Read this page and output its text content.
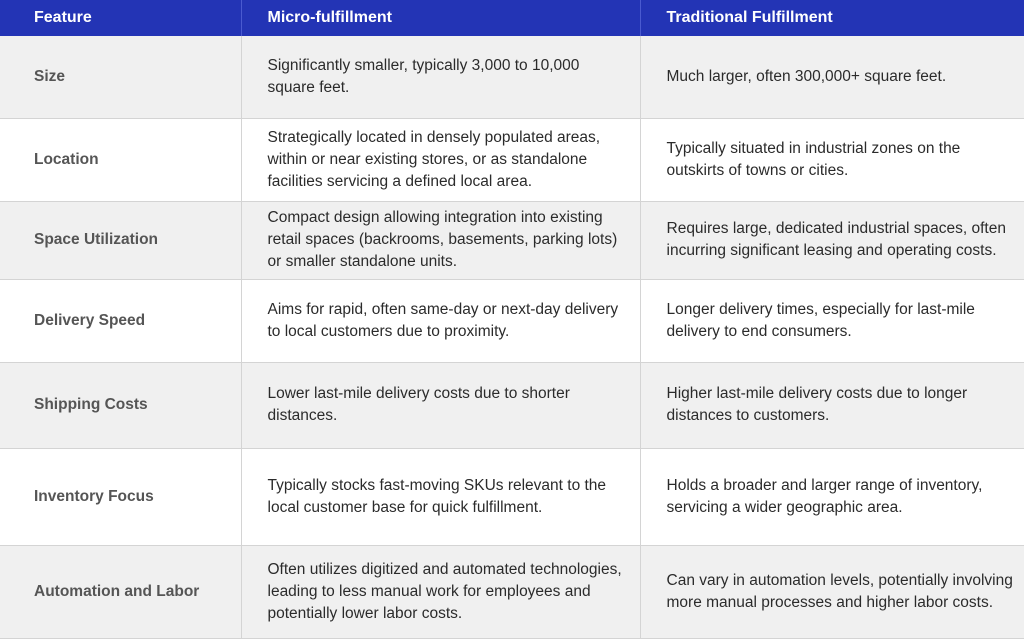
Feature	Micro-fulfillment	Traditional Fulfillment
Size	Significantly smaller, typically 3,000 to 10,000 square feet.	Much larger, often 300,000+ square feet.
Location	Strategically located in densely populated areas, within or near existing stores, or as standalone facilities servicing a defined local area.	Typically situated in industrial zones on the outskirts of towns or cities.
Space Utilization	Compact design allowing integration into existing retail spaces (backrooms, basements, parking lots) or smaller standalone units.	Requires large, dedicated industrial spaces, often incurring significant leasing and operating costs.
Delivery Speed	Aims for rapid, often same-day or next-day delivery to local customers due to proximity.	Longer delivery times, especially for last-mile delivery to end consumers.
Shipping Costs	Lower last-mile delivery costs due to shorter distances.	Higher last-mile delivery costs due to longer distances to customers.
Inventory Focus	Typically stocks fast-moving SKUs relevant to the local customer base for quick fulfillment.	Holds a broader and larger range of inventory, servicing a wider geographic area.
Automation and Labor	Often utilizes digitized and automated technologies, leading to less manual work for employees and potentially lower labor costs.	Can vary in automation levels, potentially involving more manual processes and higher labor costs.
